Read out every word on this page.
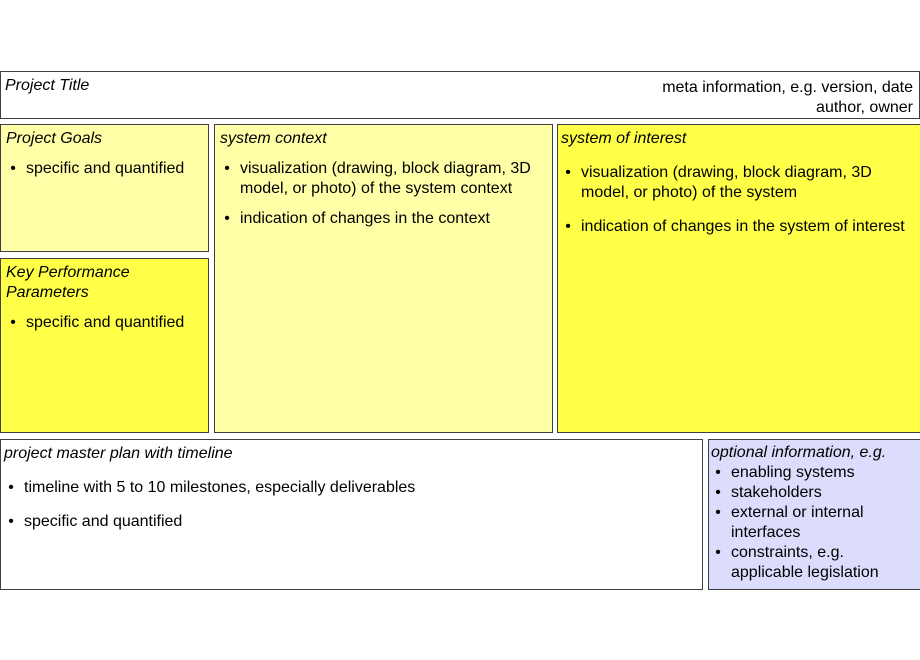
Project Title	meta information, e.g. version, date
author, owner

Project Goals

• specific and quantified

Key Performance Parameters

• specific and quantified

system context

• visualization (drawing, block diagram, 3D model, or photo) of the system context
• indication of changes in the context

system of interest

• visualization (drawing, block diagram, 3D model, or photo) of the system
• indication of changes in the system of interest

project master plan with timeline

• timeline with 5 to 10 milestones, especially deliverables
• specific and quantified

optional information, e.g.

• enabling systems
• stakeholders
• external or internal interfaces
• constraints, e.g. applicable legislation
